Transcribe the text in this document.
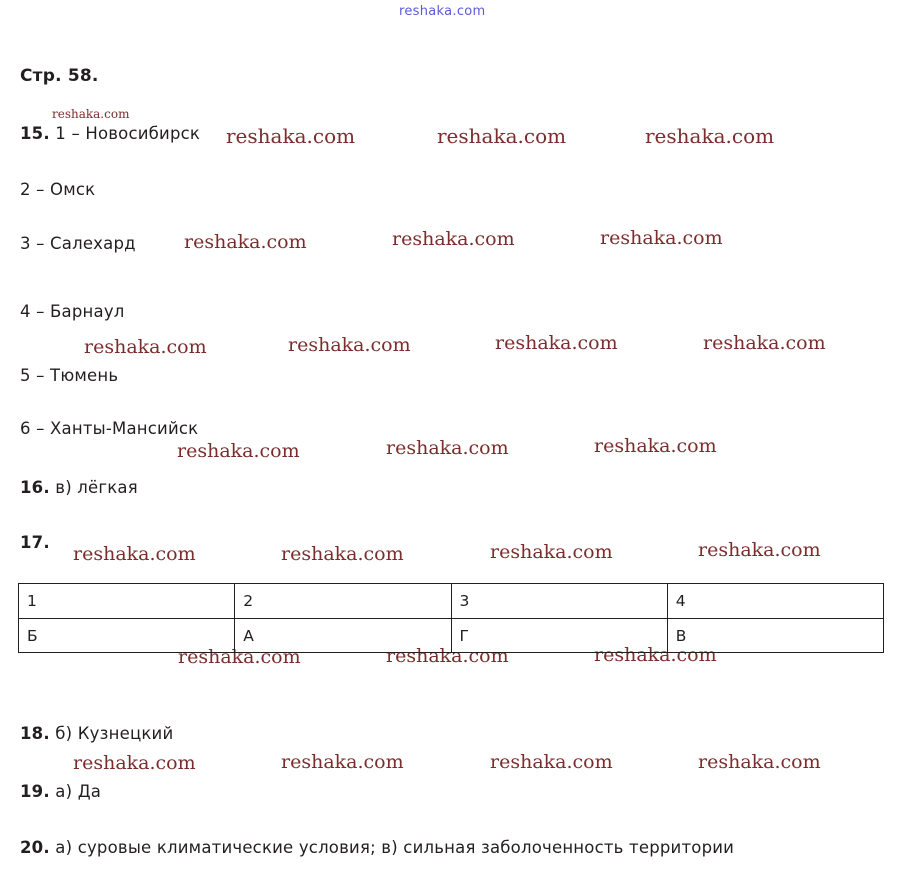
reshaka.com
reshaka.com
reshaka.com	reshaka.com	reshaka.com
reshaka.com	reshaka.com	reshaka.com
reshaka.com	reshaka.com	reshaka.com	reshaka.com
reshaka.com	reshaka.com	reshaka.com
reshaka.com	reshaka.com	reshaka.com	reshaka.com
reshaka.com	reshaka.com	reshaka.com
reshaka.com	reshaka.com	reshaka.com	reshaka.com
Стр. 58.
15. 1 – Новосибирск
2 – Омск
3 – Салехард
4 – Барнаул
5 – Тюмень
6 – Ханты-Мансийск
16. в) лёгкая
17.
18. б) Кузнецкий
19. а) Да
20. а) суровые климатические условия; в) сильная заболоченность территории
1	2	3	4
Б	А	Г	В
